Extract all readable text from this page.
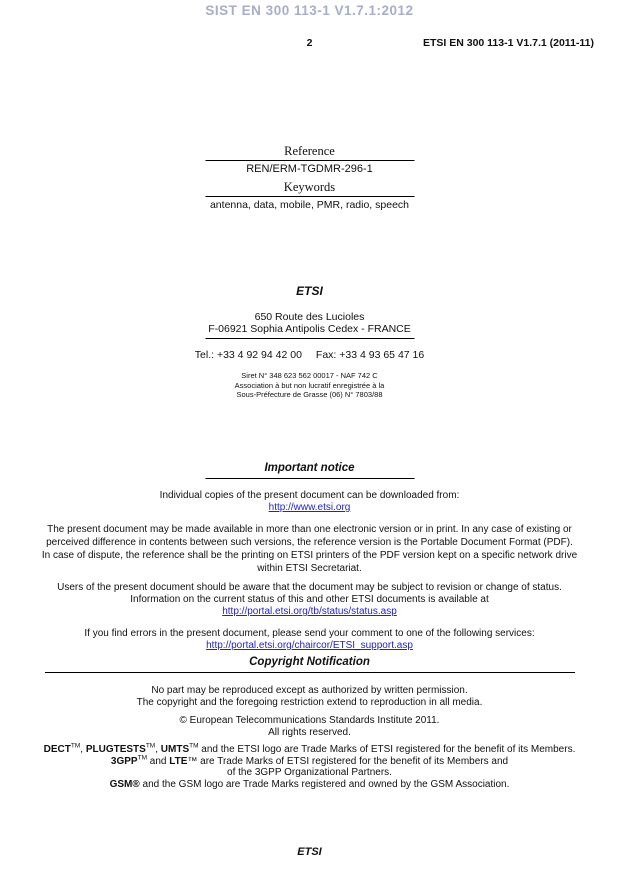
SIST EN 300 113-1 V1.7.1:2012
2	ETSI EN 300 113-1 V1.7.1 (2011-11)
Reference
REN/ERM-TGDMR-296-1
Keywords
antenna, data, mobile, PMR, radio, speech
ETSI
650 Route des Lucioles
F-06921 Sophia Antipolis Cedex - FRANCE
Tel.: +33 4 92 94 42 00 Fax: +33 4 93 65 47 16
Siret N° 348 623 562 00017 - NAF 742 C
Association à but non lucratif enregistrée à la
Sous-Préfecture de Grasse (06) N° 7803/88
Important notice
Individual copies of the present document can be downloaded from:
http://www.etsi.org
The present document may be made available in more than one electronic version or in print. In any case of existing or
perceived difference in contents between such versions, the reference version is the Portable Document Format (PDF).
In case of dispute, the reference shall be the printing on ETSI printers of the PDF version kept on a specific network drive
within ETSI Secretariat.
Users of the present document should be aware that the document may be subject to revision or change of status.
Information on the current status of this and other ETSI documents is available at
http://portal.etsi.org/tb/status/status.asp
If you find errors in the present document, please send your comment to one of the following services:
http://portal.etsi.org/chaircor/ETSI_support.asp
Copyright Notification
No part may be reproduced except as authorized by written permission.
The copyright and the foregoing restriction extend to reproduction in all media.
© European Telecommunications Standards Institute 2011.
All rights reserved.
DECT™, PLUGTESTS™, UMTS™ and the ETSI logo are Trade Marks of ETSI registered for the benefit of its Members.
3GPP™ and LTE™ are Trade Marks of ETSI registered for the benefit of its Members and
of the 3GPP Organizational Partners.
GSM® and the GSM logo are Trade Marks registered and owned by the GSM Association.
ETSI
